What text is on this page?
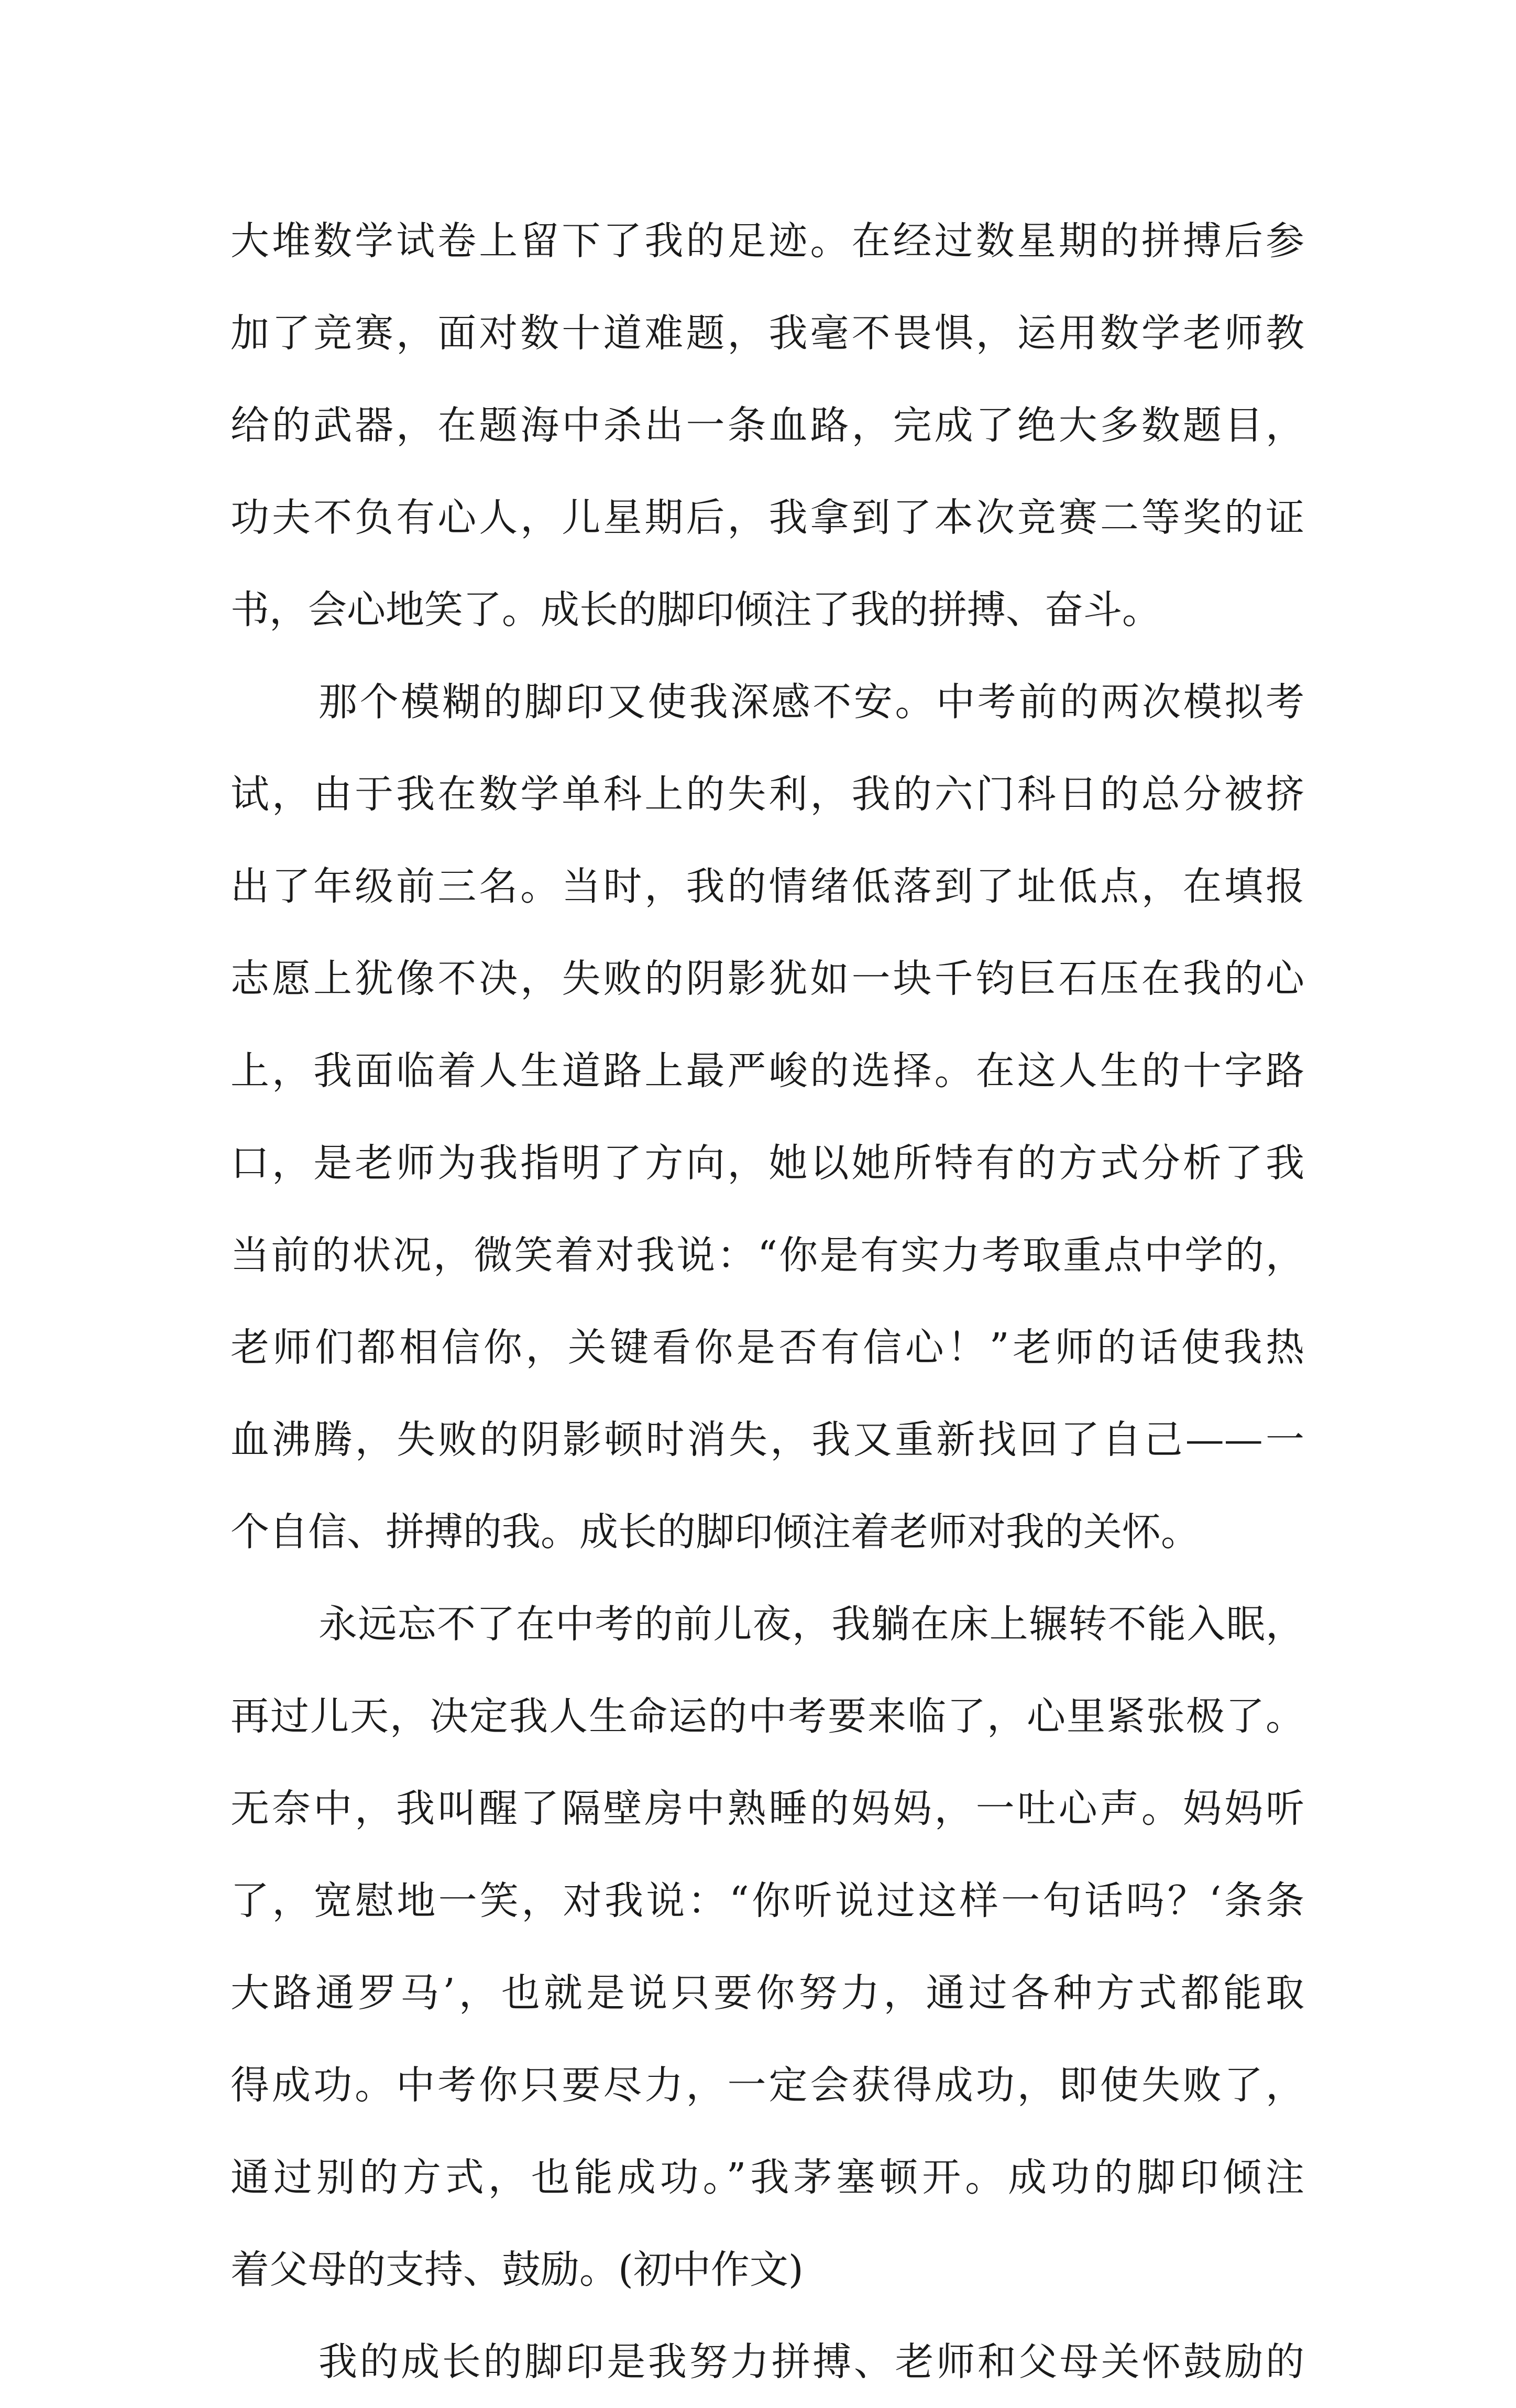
大堆数学试卷上留下了我的足迹。在经过数星期的拼搏后参
加了竞赛，面对数十道难题，我毫不畏惧，运用数学老师教
给的武器，在题海中杀出一条血路，完成了绝大多数题目，
功夫不负有心人，儿星期后，我拿到了本次竞赛二等奖的证
书，会心地笑了。成长的脚印倾注了我的拼搏、奋斗。
那个模糊的脚印又使我深感不安。中考前的两次模拟考
试，由于我在数学单科上的失利，我的六门科日的总分被挤
出了年级前三名。当时，我的情绪低落到了址低点，在填报
志愿上犹像不决，失败的阴影犹如一块千钧巨石压在我的心
上，我面临着人生道路上最严峻的选择。在这人生的十字路
口，是老师为我指明了方向，她以她所特有的方式分析了我
当前的状况，微笑着对我说：“你是有实力考取重点中学的，
老师们都相信你，关键看你是否有信心！”老师的话使我热
血沸腾，失败的阴影顿时消失，我又重新找回了自己——一
个自信、拼搏的我。成长的脚印倾注着老师对我的关怀。
永远忘不了在中考的前儿夜，我躺在床上辗转不能入眠，
再过儿天，决定我人生命运的中考要来临了，心里紧张极了。
无奈中，我叫醒了隔壁房中熟睡的妈妈，一吐心声。妈妈听
了，宽慰地一笑，对我说：“你听说过这样一句话吗？‘条条
大路通罗马’，也就是说只要你努力，通过各种方式都能取
得成功。中考你只要尽力，一定会获得成功，即使失败了，
通过别的方式，也能成功。”我茅塞顿开。成功的脚印倾注
着父母的支持、鼓励。(初中作文)
我的成长的脚印是我努力拼搏、老师和父母关怀鼓励的
